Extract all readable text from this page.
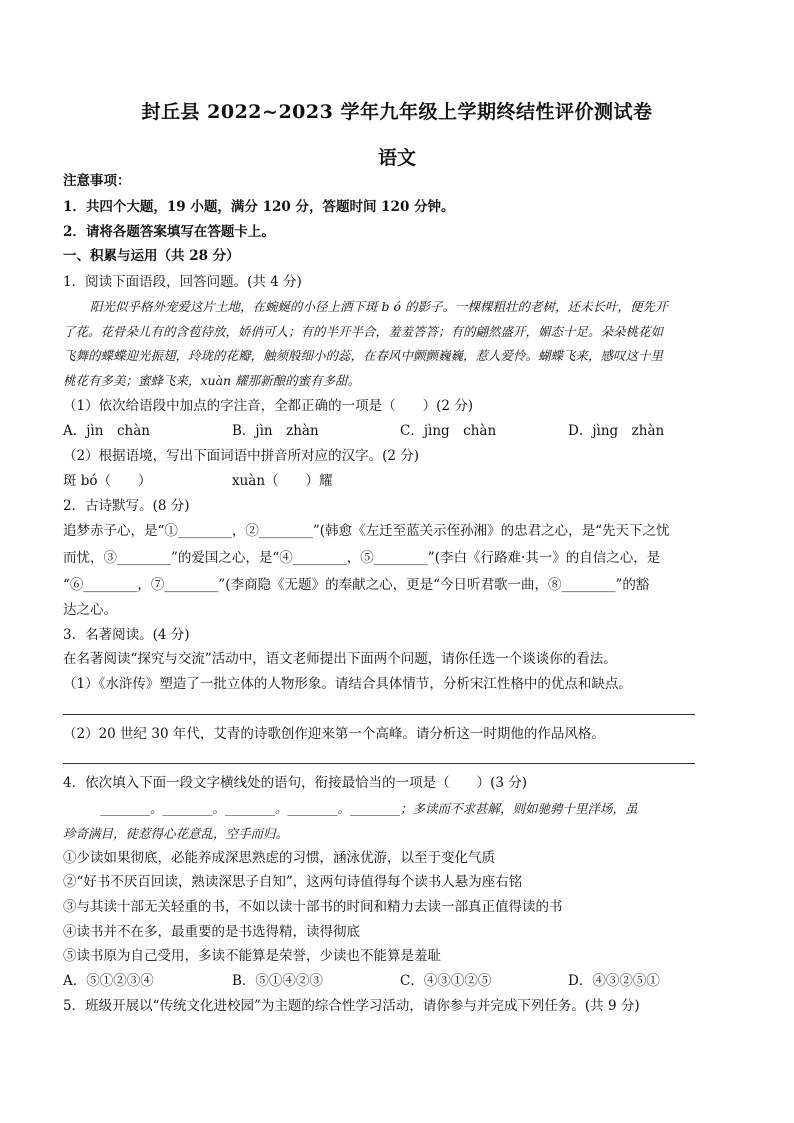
封丘县 2022~2023 学年九年级上学期终结性评价测试卷
语文
注意事项：
1．共四个大题，19 小题，满分 120 分，答题时间 120 分钟。
2．请将各题答案填写在答题卡上。
一、积累与运用（共 28 分）
1．阅读下面语段，回答问题。(共 4 分)
阳光似乎格外宠爱这片土地，在蜿蜒的小径上洒下斑 b ó 的影子。一棵棵粗壮的老树，还未长叶，便先开
了花。花骨朵儿有的含苞待放，娇俏可人；有的半开半合，羞羞答答；有的翩然盛开，媚态十足。朵朵桃花如
飞舞的蝶蝶迎光振翅，玲珑的花瓣，触须般细小的蕊，在春风中颤颤巍巍，惹人爱怜。蝴蝶飞来，感叹这十里
桃花有多美；蜜蜂飞来，xuàn 耀那新酿的蜜有多甜。
（1）依次给语段中加点的字注音，全都正确的一项是（　　）(2 分)
A．jìn　chàn	B．jìn　zhàn	C．jìng　chàn	D．jìng　zhàn
（2）根据语境，写出下面词语中拼音所对应的汉字。(2 分)
斑 bó（　　）	xuàn（　　）耀
2．古诗默写。(8 分)
追梦赤子心，是“①________，②________”(韩愈《左迁至蓝关示侄孙湘》的忠君之心，是“先天下之忧
而忧，③________”的爱国之心，是“④________，⑤________”(李白《行路难·其一》的自信之心，是
“⑥________，⑦________”(李商隐《无题》的奉献之心，更是“今日听君歌一曲，⑧________”的豁
达之心。
3．名著阅读。(4 分)
在名著阅读“探究与交流”活动中，语文老师提出下面两个问题，请你任选一个谈谈你的看法。
（1）《水浒传》塑造了一批立体的人物形象。请结合具体情节，分析宋江性格中的优点和缺点。
（2）20 世纪 30 年代，艾青的诗歌创作迎来第一个高峰。请分析这一时期他的作品风格。
4．依次填入下面一段文字横线处的语句，衔接最恰当的一项是（　　）(3 分)
________。________。________。________。________；多读而不求甚解，则如驰骋十里洋场，虽
珍奇满目，徒惹得心花意乱，空手而归。
①少读如果彻底，必能养成深思熟虑的习惯，涵泳优游，以至于变化气质
②“好书不厌百回读，熟读深思子自知”，这两句诗值得每个读书人悬为座右铭
③与其读十部无关轻重的书，不如以读十部书的时间和精力去读一部真正值得读的书
④读书并不在多，最重要的是书选得精，读得彻底
⑤读书原为自己受用，多读不能算是荣誉，少读也不能算是羞耻
A．⑤①②③④	B．⑤①④②③	C．④③①②⑤	D．④③②⑤①
5．班级开展以“传统文化进校园”为主题的综合性学习活动，请你参与并完成下列任务。(共 9 分)
